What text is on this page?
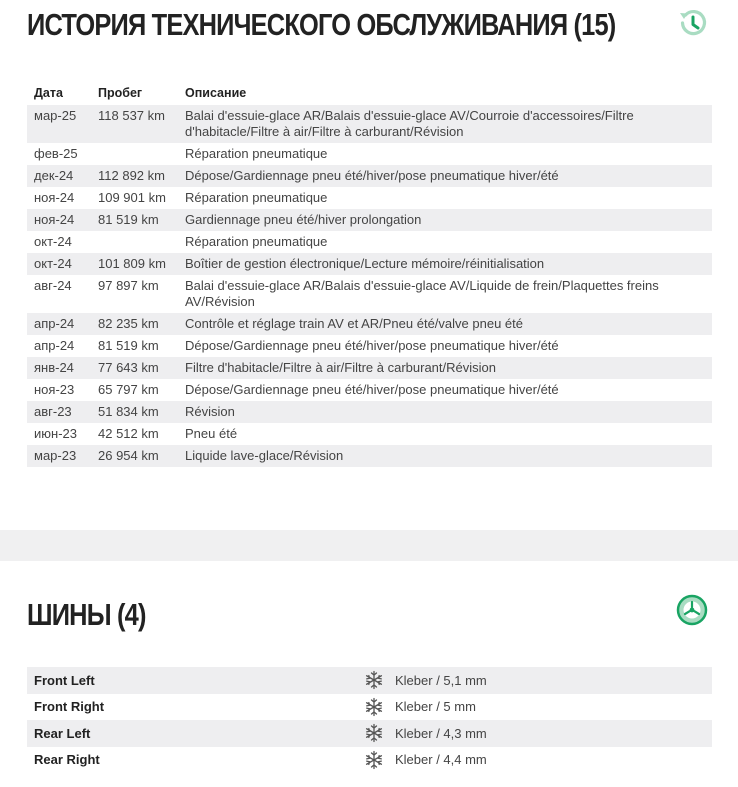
ИСТОРИЯ ТЕХНИЧЕСКОГО ОБСЛУЖИВАНИЯ (15)
Дата	Пробег	Описание
мар-25	118 537 km	Balai d'essuie-glace AR/Balais d'essuie-glace AV/Courroie d'accessoires/Filtre d'habitacle/Filtre à air/Filtre à carburant/Révision
фев-25		Réparation pneumatique
дек-24	112 892 km	Dépose/Gardiennage pneu été/hiver/pose pneumatique hiver/été
ноя-24	109 901 km	Réparation pneumatique
ноя-24	81 519 km	Gardiennage pneu été/hiver prolongation
окт-24		Réparation pneumatique
окт-24	101 809 km	Boîtier de gestion électronique/Lecture mémoire/réinitialisation
авг-24	97 897 km	Balai d'essuie-glace AR/Balais d'essuie-glace AV/Liquide de frein/Plaquettes freins AV/Révision
апр-24	82 235 km	Contrôle et réglage train AV et AR/Pneu été/valve pneu été
апр-24	81 519 km	Dépose/Gardiennage pneu été/hiver/pose pneumatique hiver/été
янв-24	77 643 km	Filtre d'habitacle/Filtre à air/Filtre à carburant/Révision
ноя-23	65 797 km	Dépose/Gardiennage pneu été/hiver/pose pneumatique hiver/été
авг-23	51 834 km	Révision
июн-23	42 512 km	Pneu été
мар-23	26 954 km	Liquide lave-glace/Révision
ШИНЫ (4)
Front Left		Kleber / 5,1 mm
Front Right		Kleber / 5 mm
Rear Left		Kleber / 4,3 mm
Rear Right		Kleber / 4,4 mm
